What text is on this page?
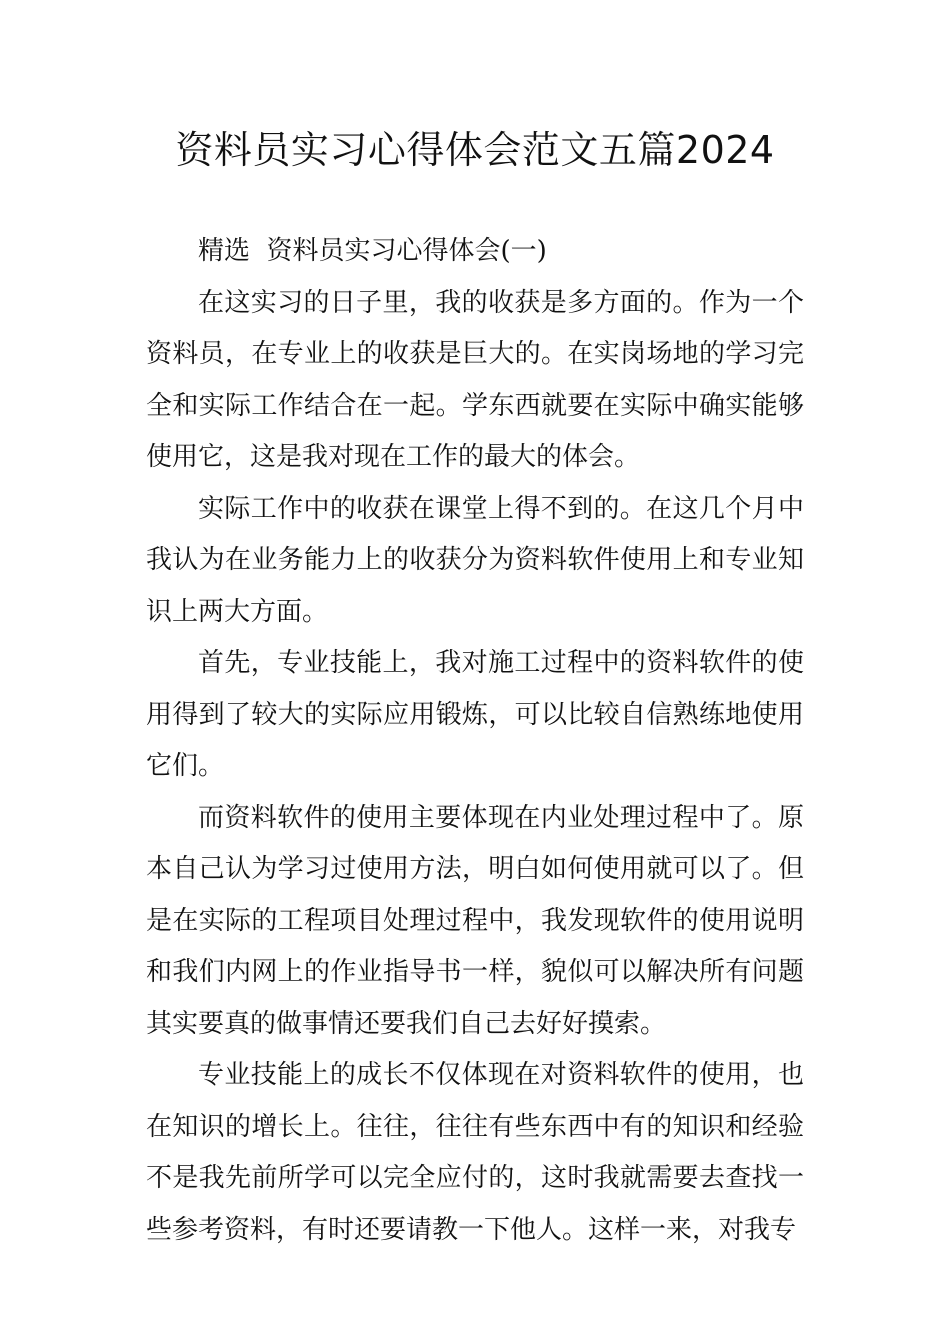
资料员实习心得体会范文五篇2024
精选  资料员实习心得体会(一)

在这实习的日子里，我的收获是多方面的。作为一个资料员，在专业上的收获是巨大的。在实岗场地的学习完全和实际工作结合在一起。学东西就要在实际中确实能够使用它，这是我对现在工作的最大的体会。

实际工作中的收获在课堂上得不到的。在这几个月中我认为在业务能力上的收获分为资料软件使用上和专业知识上两大方面。

首先，专业技能上，我对施工过程中的资料软件的使用得到了较大的实际应用锻炼，可以比较自信熟练地使用它们。

而资料软件的使用主要体现在内业处理过程中了。原本自己认为学习过使用方法，明白如何使用就可以了。但是在实际的工程项目处理过程中，我发现软件的使用说明和我们内网上的作业指导书一样，貌似可以解决所有问题其实要真的做事情还要我们自己去好好摸索。

专业技能上的成长不仅体现在对资料软件的使用，也在知识的增长上。往往，往往有些东西中有的知识和经验不是我先前所学可以完全应付的，这时我就需要去查找一些参考资料，有时还要请教一下他人。这样一来，对我专
